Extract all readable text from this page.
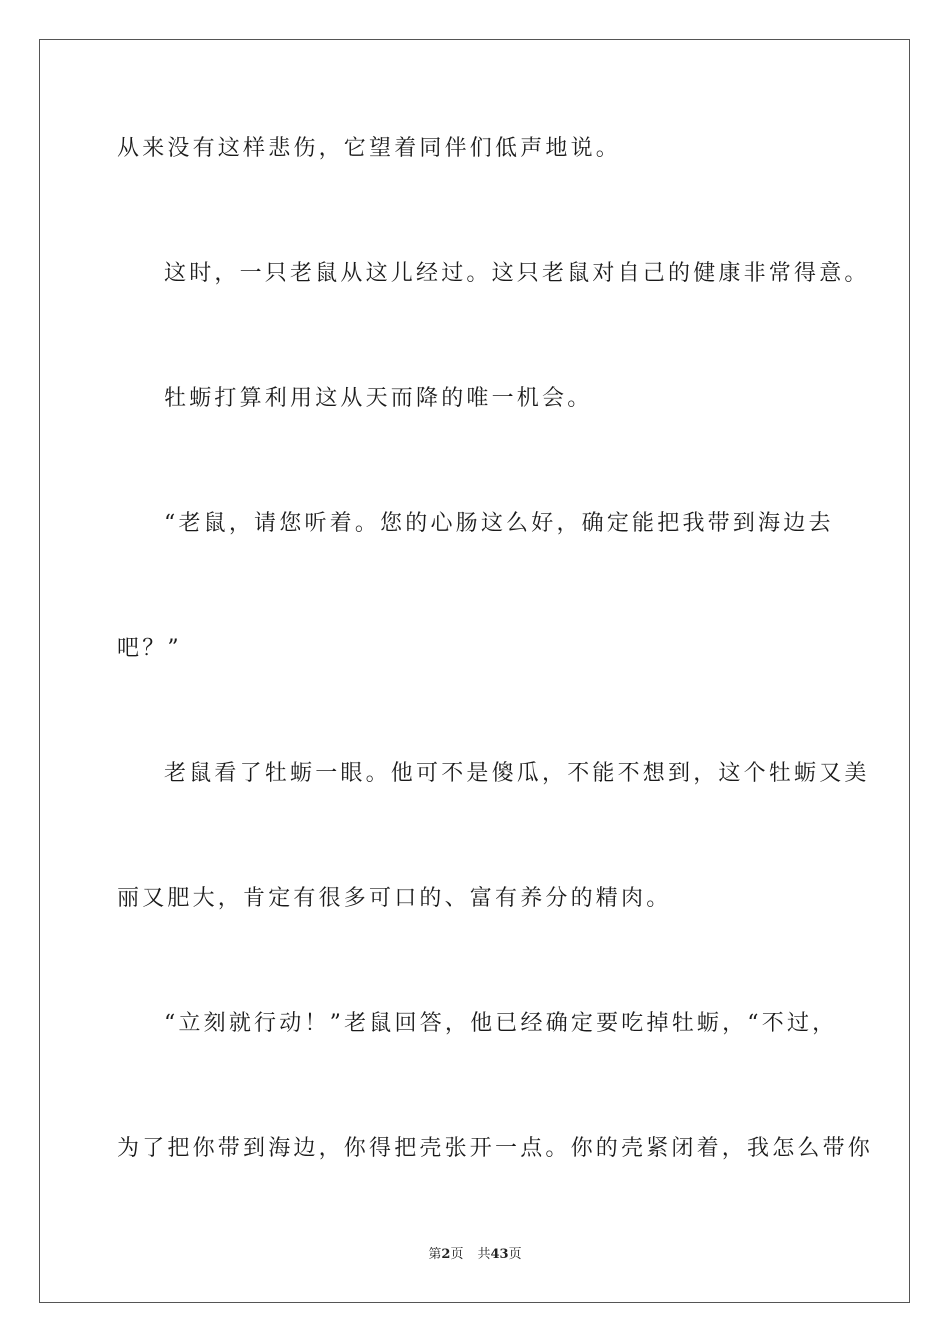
从来没有这样悲伤，它望着同伴们低声地说。
这时，一只老鼠从这儿经过。这只老鼠对自己的健康非常得意。
牡蛎打算利用这从天而降的唯一机会。
“老鼠，请您听着。您的心肠这么好，确定能把我带到海边去
吧？”
老鼠看了牡蛎一眼。他可不是傻瓜，不能不想到，这个牡蛎又美
丽又肥大，肯定有很多可口的、富有养分的精肉。
“立刻就行动！”老鼠回答，他已经确定要吃掉牡蛎，“不过，
为了把你带到海边，你得把壳张开一点。你的壳紧闭着，我怎么带你
第2页 共43页
